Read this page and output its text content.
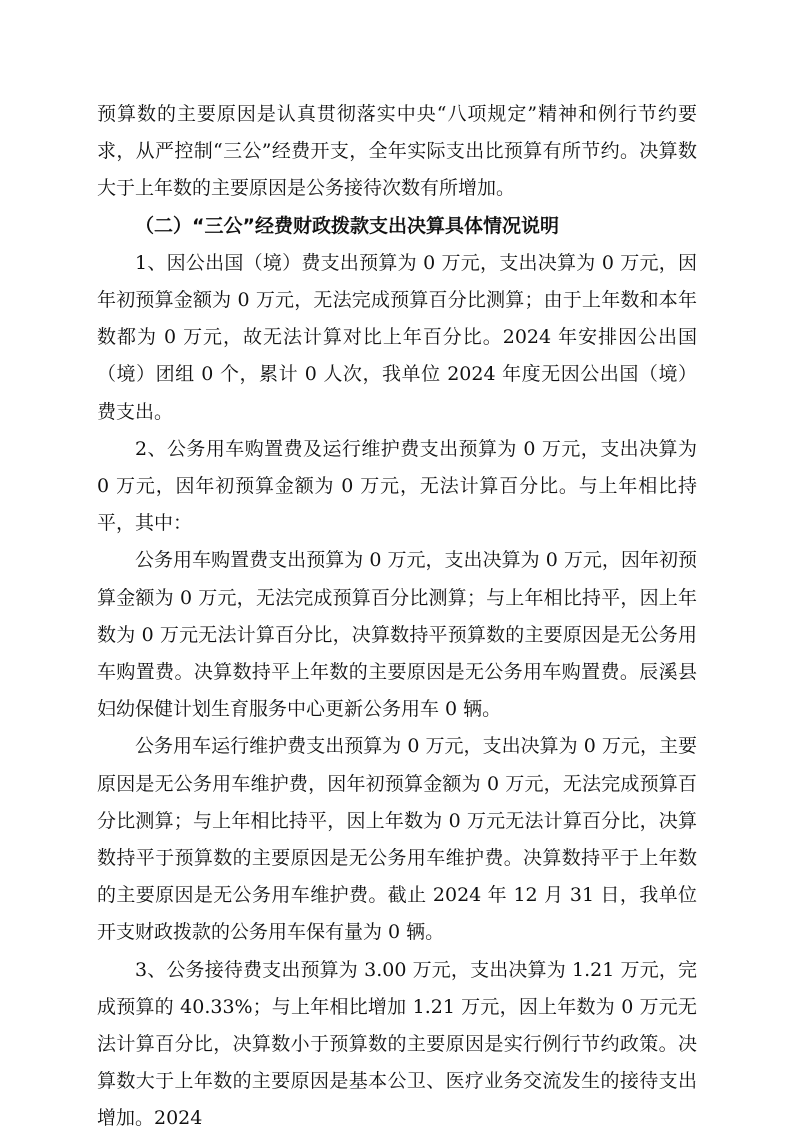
预算数的主要原因是认真贯彻落实中央“八项规定”精神和例行节约要求，从严控制“三公”经费开支，全年实际支出比预算有所节约。决算数大于上年数的主要原因是公务接待次数有所增加。

（二）“三公”经费财政拨款支出决算具体情况说明

1、因公出国（境）费支出预算为 0 万元，支出决算为 0 万元，因年初预算金额为 0 万元，无法完成预算百分比测算；由于上年数和本年数都为 0 万元，故无法计算对比上年百分比。2024 年安排因公出国（境）团组 0 个，累计 0 人次，我单位 2024 年度无因公出国（境）费支出。

2、公务用车购置费及运行维护费支出预算为 0 万元，支出决算为 0 万元，因年初预算金额为 0 万元，无法计算百分比。与上年相比持平，其中：

公务用车购置费支出预算为 0 万元，支出决算为 0 万元，因年初预算金额为 0 万元，无法完成预算百分比测算；与上年相比持平，因上年数为 0 万元无法计算百分比，决算数持平预算数的主要原因是无公务用车购置费。决算数持平上年数的主要原因是无公务用车购置费。辰溪县妇幼保健计划生育服务中心更新公务用车 0 辆。

公务用车运行维护费支出预算为 0 万元，支出决算为 0 万元，主要原因是无公务用车维护费，因年初预算金额为 0 万元，无法完成预算百分比测算；与上年相比持平，因上年数为 0 万元无法计算百分比，决算数持平于预算数的主要原因是无公务用车维护费。决算数持平于上年数的主要原因是无公务用车维护费。截止 2024 年 12 月 31 日，我单位开支财政拨款的公务用车保有量为 0 辆。

3、公务接待费支出预算为 3.00 万元，支出决算为 1.21 万元，完成预算的 40.33%；与上年相比增加 1.21 万元，因上年数为 0 万元无法计算百分比，决算数小于预算数的主要原因是实行例行节约政策。决算数大于上年数的主要原因是基本公卫、医疗业务交流发生的接待支出增加。2024
